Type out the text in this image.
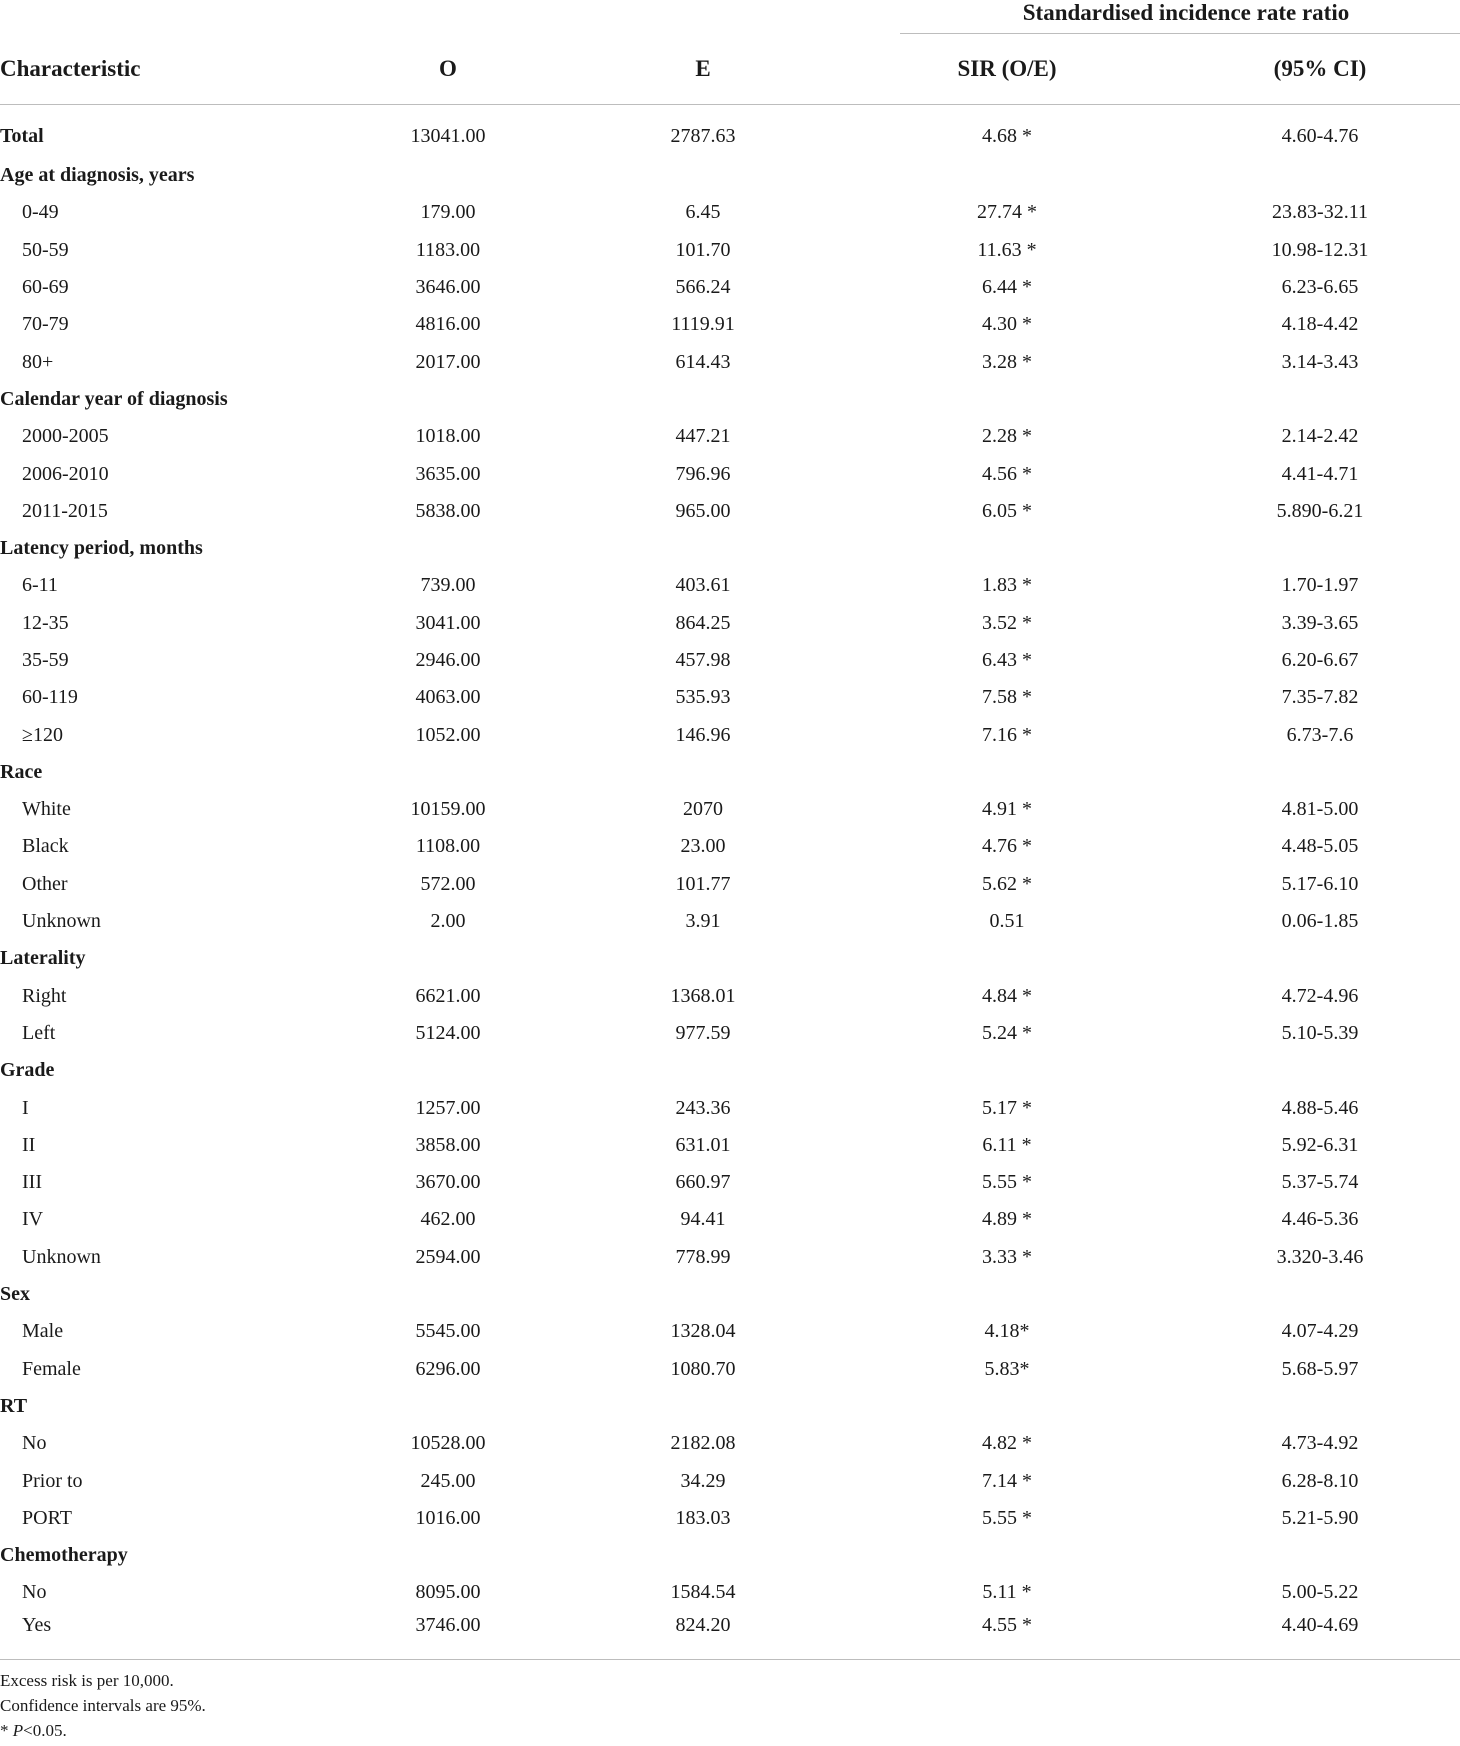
			Standardised incidence rate ratio	

Characteristic	O	E	SIR (O/E)	(95% CI)
Total	13041.00	2787.63	4.68 *	4.60-4.76
Age at diagnosis, years				
0-49	179.00	6.45	27.74 *	23.83-32.11
50-59	1183.00	101.70	11.63 *	10.98-12.31
60-69	3646.00	566.24	6.44 *	6.23-6.65
70-79	4816.00	1119.91	4.30 *	4.18-4.42
80+	2017.00	614.43	3.28 *	3.14-3.43
Calendar year of diagnosis				
2000-2005	1018.00	447.21	2.28 *	2.14-2.42
2006-2010	3635.00	796.96	4.56 *	4.41-4.71
2011-2015	5838.00	965.00	6.05 *	5.890-6.21
Latency period, months				
6-11	739.00	403.61	1.83 *	1.70-1.97
12-35	3041.00	864.25	3.52 *	3.39-3.65
35-59	2946.00	457.98	6.43 *	6.20-6.67
60-119	4063.00	535.93	7.58 *	7.35-7.82
≥120	1052.00	146.96	7.16 *	6.73-7.6
Race				
White	10159.00	2070	4.91 *	4.81-5.00
Black	1108.00	23.00	4.76 *	4.48-5.05
Other	572.00	101.77	5.62 *	5.17-6.10
Unknown	2.00	3.91	0.51	0.06-1.85
Laterality				
Right	6621.00	1368.01	4.84 *	4.72-4.96
Left	5124.00	977.59	5.24 *	5.10-5.39
Grade				
I	1257.00	243.36	5.17 *	4.88-5.46
II	3858.00	631.01	6.11 *	5.92-6.31
III	3670.00	660.97	5.55 *	5.37-5.74
IV	462.00	94.41	4.89 *	4.46-5.36
Unknown	2594.00	778.99	3.33 *	3.320-3.46
Sex				
Male	5545.00	1328.04	4.18*	4.07-4.29
Female	6296.00	1080.70	5.83*	5.68-5.97
RT				
No	10528.00	2182.08	4.82 *	4.73-4.92
Prior to	245.00	34.29	7.14 *	6.28-8.10
PORT	1016.00	183.03	5.55 *	5.21-5.90
Chemotherapy				
No	8095.00	1584.54	5.11 *	5.00-5.22
Yes	3746.00	824.20	4.55 *	4.40-4.69
Excess risk is per 10,000.
Confidence intervals are 95%.
* P<0.05.
